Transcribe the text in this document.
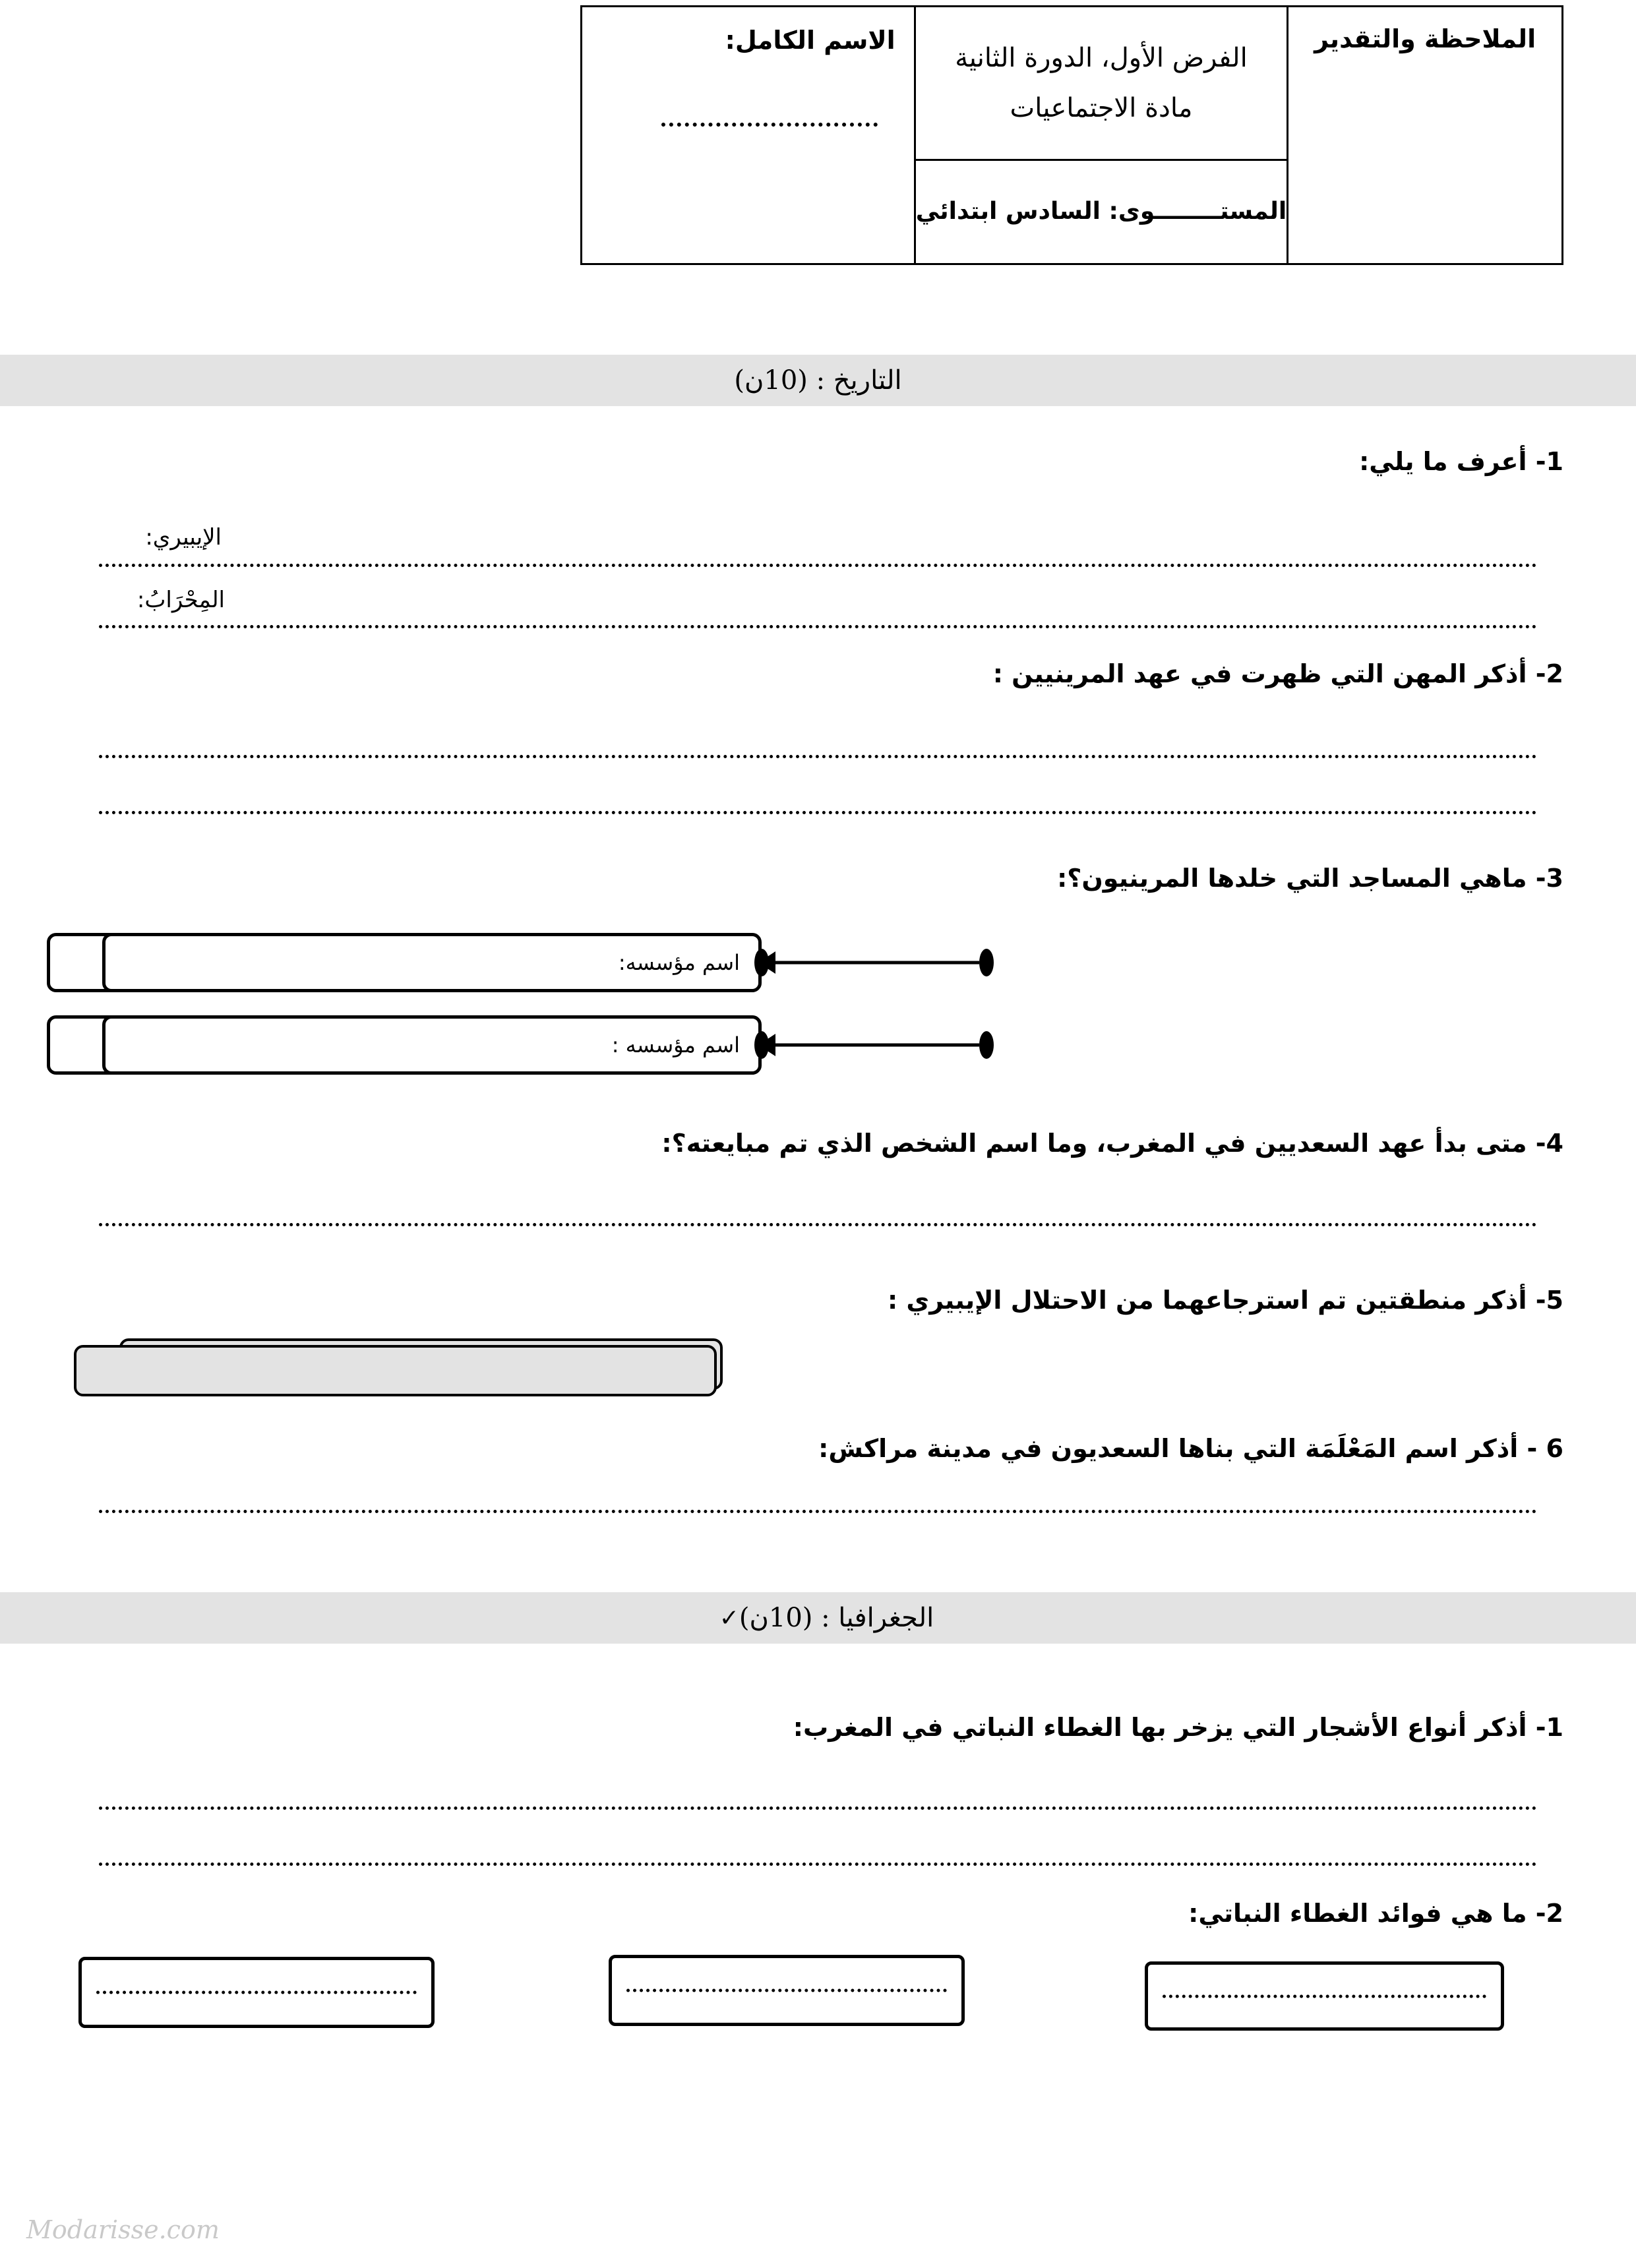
الملاحظة والتقدير

الفرض الأول، الدورة الثانية
مادة الاجتماعيات
المستــــــــوى: السادس ابتدائي

الاسم الكامل:
التاريخ : (10ن)
1- أعرف ما يلي:
الإيبيري:
المِحْرَابُ:
2- أذكر المهن التي ظهرت في عهد المرينيين :
3- ماهي المساجد التي خلدها المرينيون؟:
اسم مؤسسه:
اسم مؤسسه :
4- متى بدأ عهد السعديين في المغرب، وما اسم الشخص الذي تم مبايعته؟:
5- أذكر منطقتين تم استرجاعهما من الاحتلال الإيبيري :
6 - أذكر اسم المَعْلَمَة التي بناها السعديون في مدينة مراكش:
الجغرافيا : (10ن)
✓
1- أذكر أنواع الأشجار التي يزخر بها الغطاء النباتي في المغرب:
2- ما هي فوائد الغطاء النباتي:
Modarisse.com
